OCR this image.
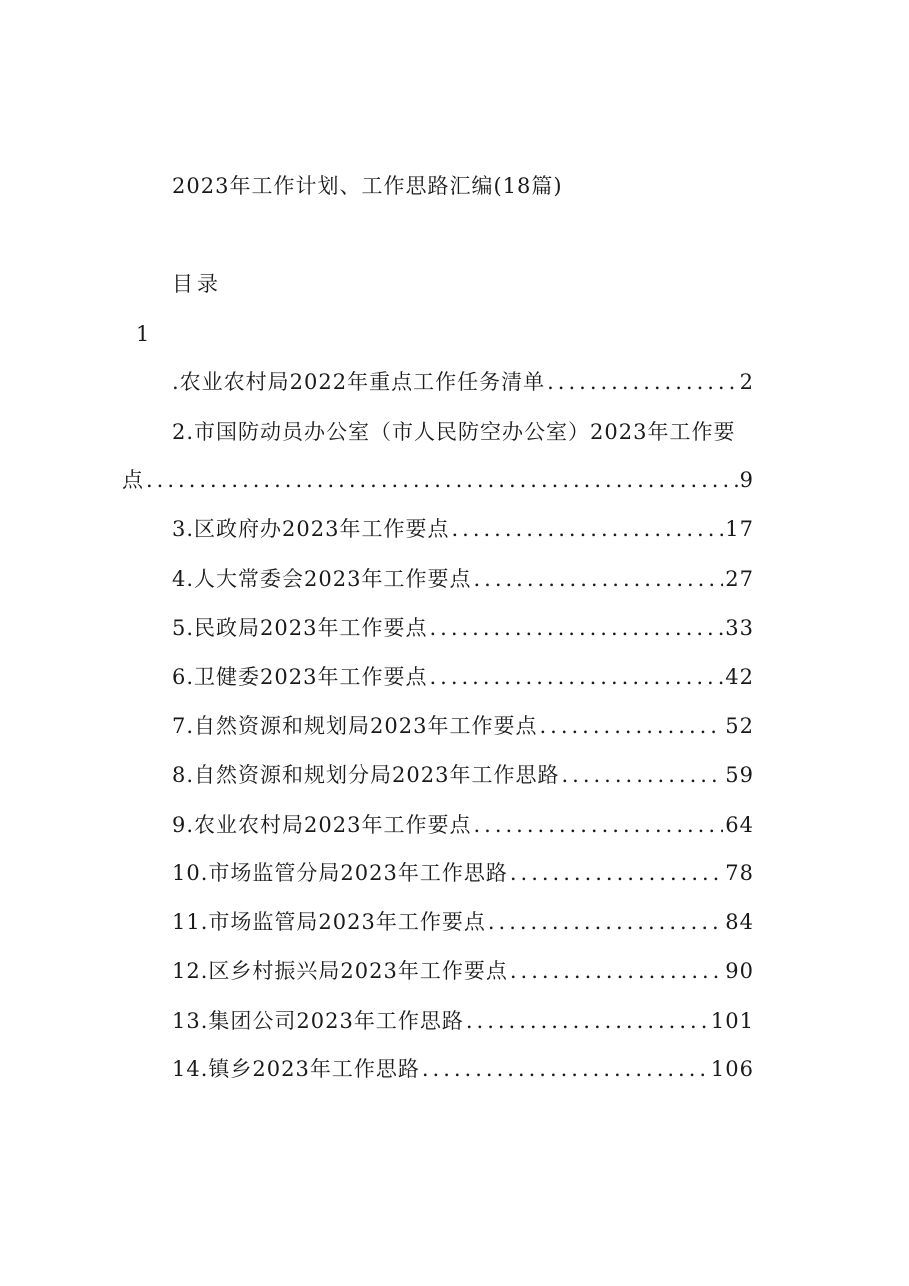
2023年工作计划、工作思路汇编(18篇)
目录
1
.农业农村局2022年重点工作任务清单 .....	2
2.市国防动员办公室（市人民防空办公室）2023年工作要
点 .....	9
3.区政府办2023年工作要点 .....	17
4.人大常委会2023年工作要点 .....	27
5.民政局2023年工作要点 .....	33
6.卫健委2023年工作要点 .....	42
7.自然资源和规划局2023年工作要点 .....	52
8.自然资源和规划分局2023年工作思路 .....	59
9.农业农村局2023年工作要点 .....	64
10.市场监管分局2023年工作思路 .....	78
11.市场监管局2023年工作要点 .....	84
12.区乡村振兴局2023年工作要点 .....	90
13.集团公司2023年工作思路 .....	101
14.镇乡2023年工作思路 .....	106
